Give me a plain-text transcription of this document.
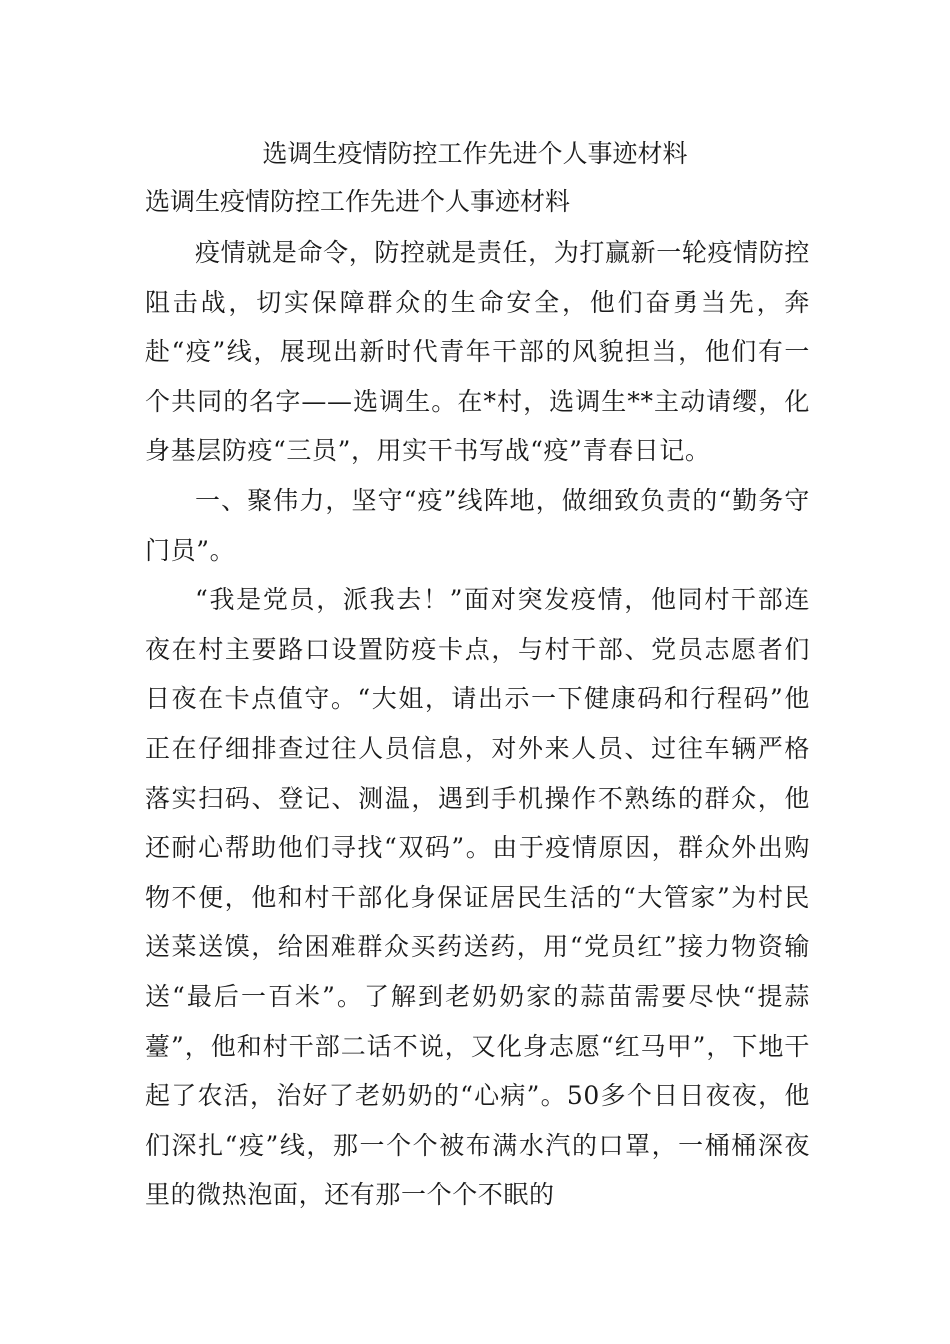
选调生疫情防控工作先进个人事迹材料
选调生疫情防控工作先进个人事迹材料

疫情就是命令，防控就是责任，为打赢新一轮疫情防控阻击战，切实保障群众的生命安全，他们奋勇当先，奔赴“疫”线，展现出新时代青年干部的风貌担当，他们有一个共同的名字——选调生。在*村，选调生**主动请缨，化身基层防疫“三员”，用实干书写战“疫”青春日记。

一、聚伟力，坚守“疫”线阵地，做细致负责的“勤务守门员”。

“我是党员，派我去！”面对突发疫情，他同村干部连夜在村主要路口设置防疫卡点，与村干部、党员志愿者们日夜在卡点值守。“大姐，请出示一下健康码和行程码”他正在仔细排查过往人员信息，对外来人员、过往车辆严格落实扫码、登记、测温，遇到手机操作不熟练的群众，他还耐心帮助他们寻找“双码”。由于疫情原因，群众外出购物不便，他和村干部化身保证居民生活的“大管家”为村民送菜送馍，给困难群众买药送药，用“党员红”接力物资输送“最后一百米”。了解到老奶奶家的蒜苗需要尽快“提蒜薹”，他和村干部二话不说，又化身志愿“红马甲”，下地干起了农活，治好了老奶奶的“心病”。50多个日日夜夜，他们深扎“疫”线，那一个个被布满水汽的口罩，一桶桶深夜里的微热泡面，还有那一个个不眠的
